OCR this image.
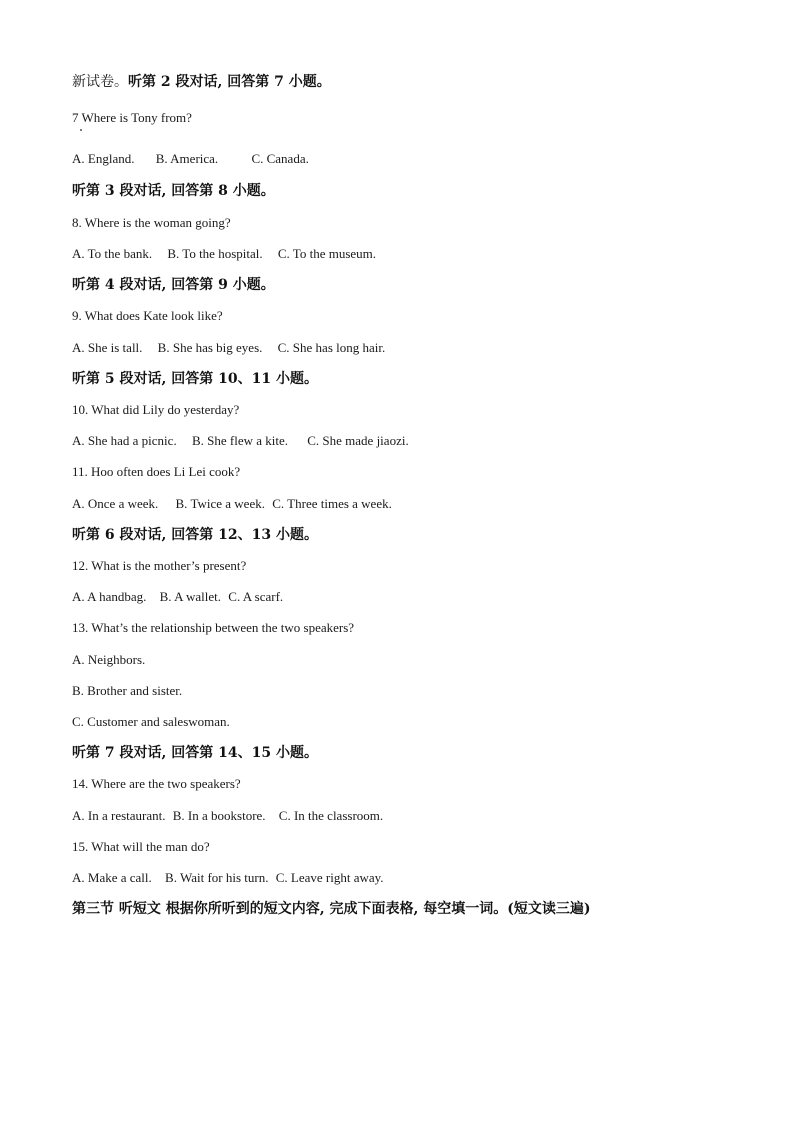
新试卷。听第 2 段对话, 回答第 7 小题。
7 Where is Tony from?
A. England. B. America.	C. Canada.
听第 3 段对话, 回答第 8 小题。
8. Where is the woman going?
A. To the bank. B. To the hospital. C. To the museum.
听第 4 段对话, 回答第 9 小题。
9. What does Kate look like?
A. She is tall. B. She has big eyes. C. She has long hair.
听第 5 段对话, 回答第 10、11 小题。
10. What did Lily do yesterday?
A. She had a picnic. B. She flew a kite. C. She made jiaozi.
11. Hoo often does Li Lei cook?
A. Once a week. B. Twice a week. C. Three times a week.
听第 6 段对话, 回答第 12、13 小题。
12. What is the mother’s present?
A. A handbag. B. A wallet. C. A scarf.
13. What’s the relationship between the two speakers?
A. Neighbors.
B. Brother and sister.
C. Customer and saleswoman.
听第 7 段对话, 回答第 14、15 小题。
14. Where are the two speakers?
A. In a restaurant. B. In a bookstore. C. In the classroom.
15. What will the man do?
A. Make a call. B. Wait for his turn. C. Leave right away.
第三节 听短文 根据你所听到的短文内容, 完成下面表格, 每空填一词。(短文读三遍)
